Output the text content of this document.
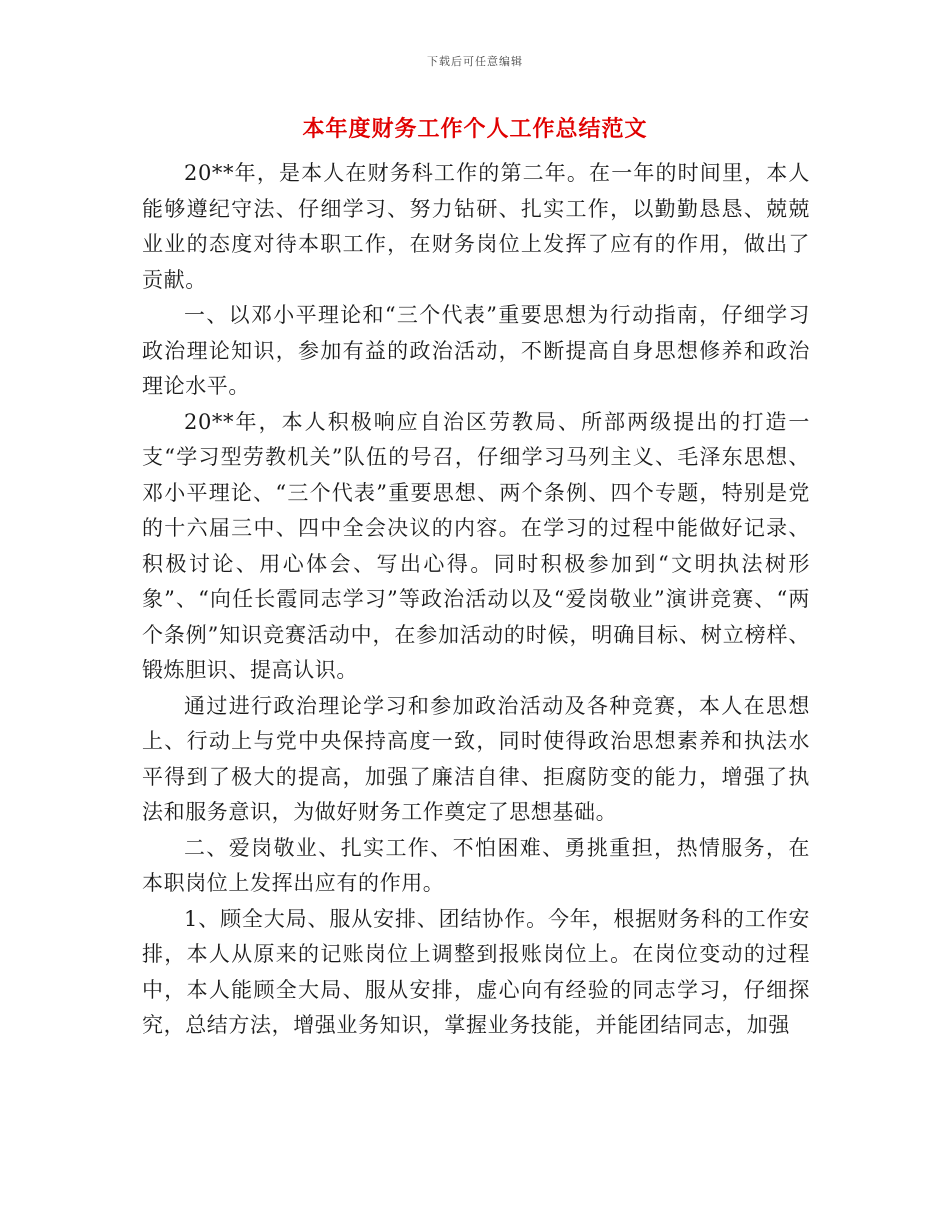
下载后可任意编辑
本年度财务工作个人工作总结范文

20**年，是本人在财务科工作的第二年。在一年的时间里，本人能够遵纪守法、仔细学习、努力钻研、扎实工作，以勤勤恳恳、兢兢业业的态度对待本职工作，在财务岗位上发挥了应有的作用，做出了贡献。

一、以邓小平理论和“三个代表”重要思想为行动指南，仔细学习政治理论知识，参加有益的政治活动，不断提高自身思想修养和政治理论水平。

20**年，本人积极响应自治区劳教局、所部两级提出的打造一支“学习型劳教机关”队伍的号召，仔细学习马列主义、毛泽东思想、邓小平理论、“三个代表”重要思想、两个条例、四个专题，特别是党的十六届三中、四中全会决议的内容。在学习的过程中能做好记录、积极讨论、用心体会、写出心得。同时积极参加到“文明执法树形象”、“向任长霞同志学习”等政治活动以及“爱岗敬业”演讲竞赛、“两个条例”知识竞赛活动中，在参加活动的时候，明确目标、树立榜样、锻炼胆识、提高认识。

通过进行政治理论学习和参加政治活动及各种竞赛，本人在思想上、行动上与党中央保持高度一致，同时使得政治思想素养和执法水平得到了极大的提高，加强了廉洁自律、拒腐防变的能力，增强了执法和服务意识，为做好财务工作奠定了思想基础。

二、爱岗敬业、扎实工作、不怕困难、勇挑重担，热情服务，在本职岗位上发挥出应有的作用。

1、顾全大局、服从安排、团结协作。今年，根据财务科的工作安排，本人从原来的记账岗位上调整到报账岗位上。在岗位变动的过程中，本人能顾全大局、服从安排，虚心向有经验的同志学习，仔细探究，总结方法，增强业务知识，掌握业务技能，并能团结同志，加强
